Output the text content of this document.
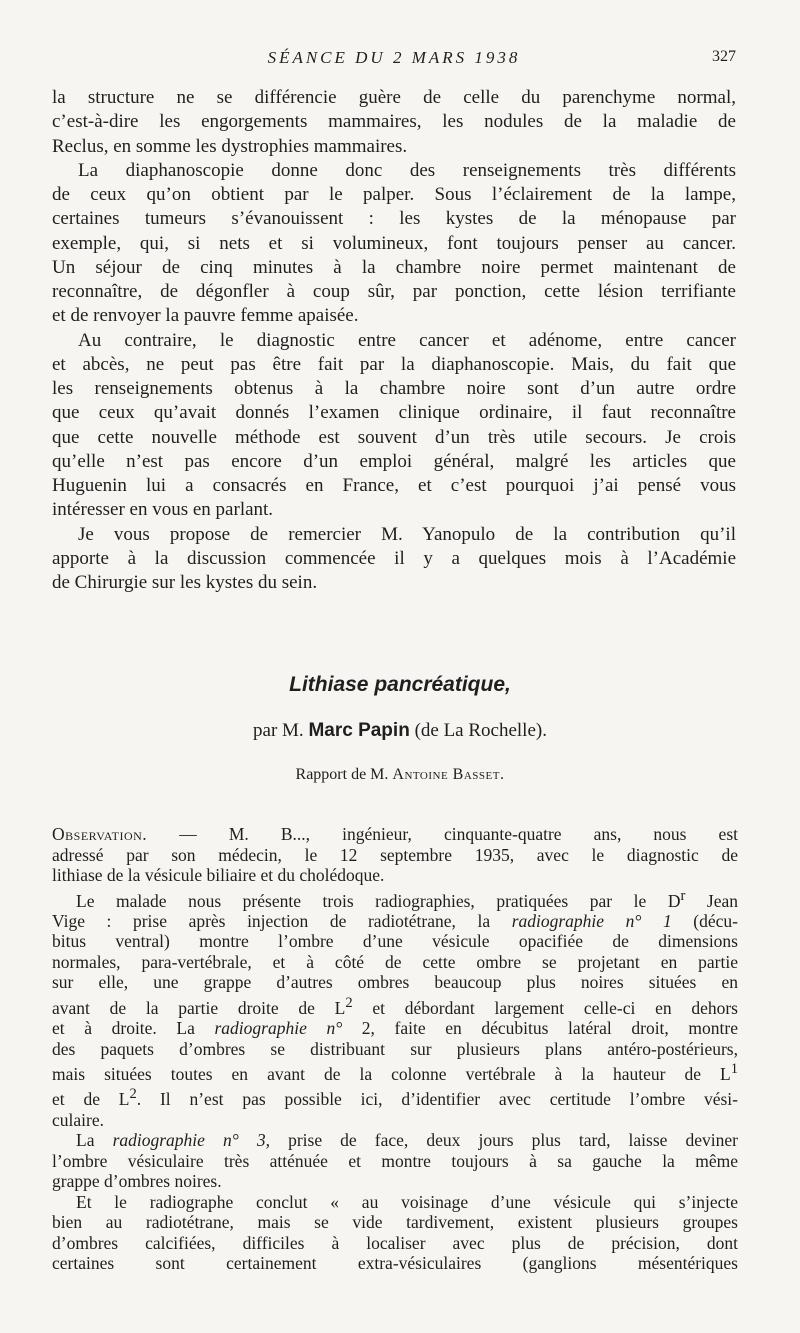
SÉANCE DU 2 MARS 1938	327

la structure ne se différencie guère de celle du parenchyme normal,
c’est-à-dire les engorgements mammaires, les nodules de la maladie de
Reclus, en somme les dystrophies mammaires.

La diaphanoscopie donne donc des renseignements très différents
de ceux qu’on obtient par le palper. Sous l’éclairement de la lampe,
certaines tumeurs s’évanouissent : les kystes de la ménopause par
exemple, qui, si nets et si volumineux, font toujours penser au cancer.
Un séjour de cinq minutes à la chambre noire permet maintenant de
reconnaître, de dégonfler à coup sûr, par ponction, cette lésion terrifiante
et de renvoyer la pauvre femme apaisée.

Au contraire, le diagnostic entre cancer et adénome, entre cancer
et abcès, ne peut pas être fait par la diaphanoscopie. Mais, du fait que
les renseignements obtenus à la chambre noire sont d’un autre ordre
que ceux qu’avait donnés l’examen clinique ordinaire, il faut reconnaître
que cette nouvelle méthode est souvent d’un très utile secours. Je crois
qu’elle n’est pas encore d’un emploi général, malgré les articles que
Huguenin lui a consacrés en France, et c’est pourquoi j’ai pensé vous
intéresser en vous en parlant.

Je vous propose de remercier M. Yanopulo de la contribution qu’il
apporte à la discussion commencée il y a quelques mois à l’Académie
de Chirurgie sur les kystes du sein.

Lithiase pancréatique,
par M. Marc Papin (de La Rochelle).
Rapport de M. Antoine Basset.

Observation. — M. B..., ingénieur, cinquante-quatre ans, nous est
adressé par son médecin, le 12 septembre 1935, avec le diagnostic de
lithiase de la vésicule biliaire et du cholédoque.

Le malade nous présente trois radiographies, pratiquées par le $D^r$ Jean
Vige : prise après injection de radiotétrane, la radiographie n° 1 (décu-
bitus ventral) montre l’ombre d’une vésicule opacifiée de dimensions
normales, para-vertébrale, et à côté de cette ombre se projetant en partie
sur elle, une grappe d’autres ombres beaucoup plus noires situées en
avant de la partie droite de $L^2$ et débordant largement celle-ci en dehors
et à droite. La radiographie n° 2, faite en décubitus latéral droit, montre
des paquets d’ombres se distribuant sur plusieurs plans antéro-postérieurs,
mais situées toutes en avant de la colonne vertébrale à la hauteur de $L^1$
et de $L^2$. Il n’est pas possible ici, d’identifier avec certitude l’ombre vési-
culaire.

La radiographie n° 3, prise de face, deux jours plus tard, laisse deviner
l’ombre vésiculaire très atténuée et montre toujours à sa gauche la même
grappe d’ombres noires.

Et le radiographe conclut « au voisinage d’une vésicule qui s’injecte
bien au radiotétrane, mais se vide tardivement, existent plusieurs groupes
d’ombres calcifiées, difficiles à localiser avec plus de précision, dont
certaines sont certainement extra-vésiculaires (ganglions mésentériques
